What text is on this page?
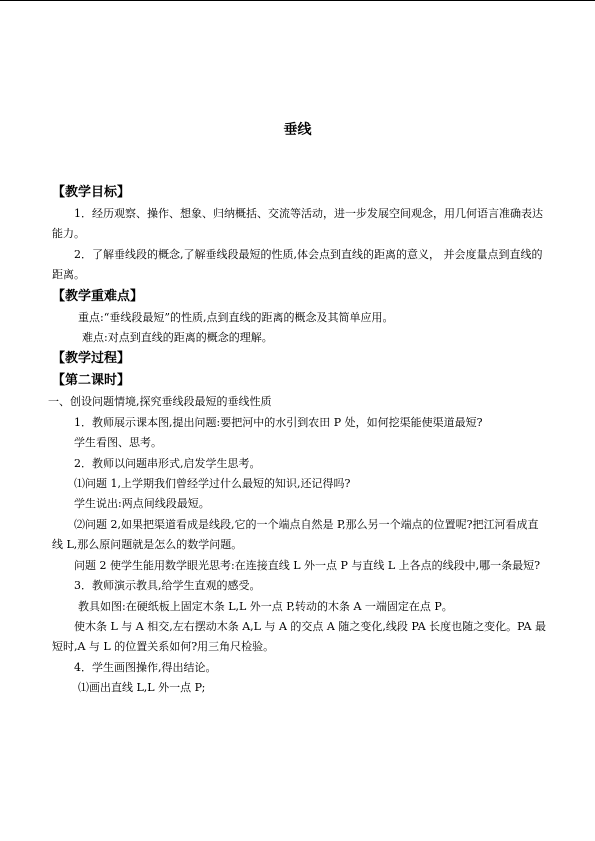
垂线

【教学目标】

1．经历观察、操作、想象、归纳概括、交流等活动，进一步发展空间观念，用几何语言准确表达能力。

2．了解垂线段的概念,了解垂线段最短的性质,体会点到直线的距离的意义， 并会度量点到直线的距离。

【教学重难点】

重点:“垂线段最短”的性质,点到直线的距离的概念及其简单应用。

难点:对点到直线的距离的概念的理解。

【教学过程】

【第二课时】

一、创设问题情境,探究垂线段最短的垂线性质

1．教师展示课本图,提出问题:要把河中的水引到农田 P 处，如何挖渠能使渠道最短?

学生看图、思考。

2．教师以问题串形式,启发学生思考。

⑴问题 1,上学期我们曾经学过什么最短的知识,还记得吗?

学生说出:两点间线段最短。

⑵问题 2,如果把渠道看成是线段,它的一个端点自然是 P,那么另一个端点的位置呢?把江河看成直线 L,那么原问题就是怎么的数学问题。

问题 2 使学生能用数学眼光思考:在连接直线 L 外一点 P 与直线 L 上各点的线段中,哪一条最短?

3．教师演示教具,给学生直观的感受。

教具如图:在硬纸板上固定木条 L,L 外一点 P,转动的木条 A 一端固定在点 P。

使木条 L 与 A 相交,左右摆动木条 A,L 与 A 的交点 A 随之变化,线段 PA 长度也随之变化。PA 最短时,A 与 L 的位置关系如何?用三角尺检验。

4．学生画图操作,得出结论。

⑴画出直线 L,L 外一点 P;
